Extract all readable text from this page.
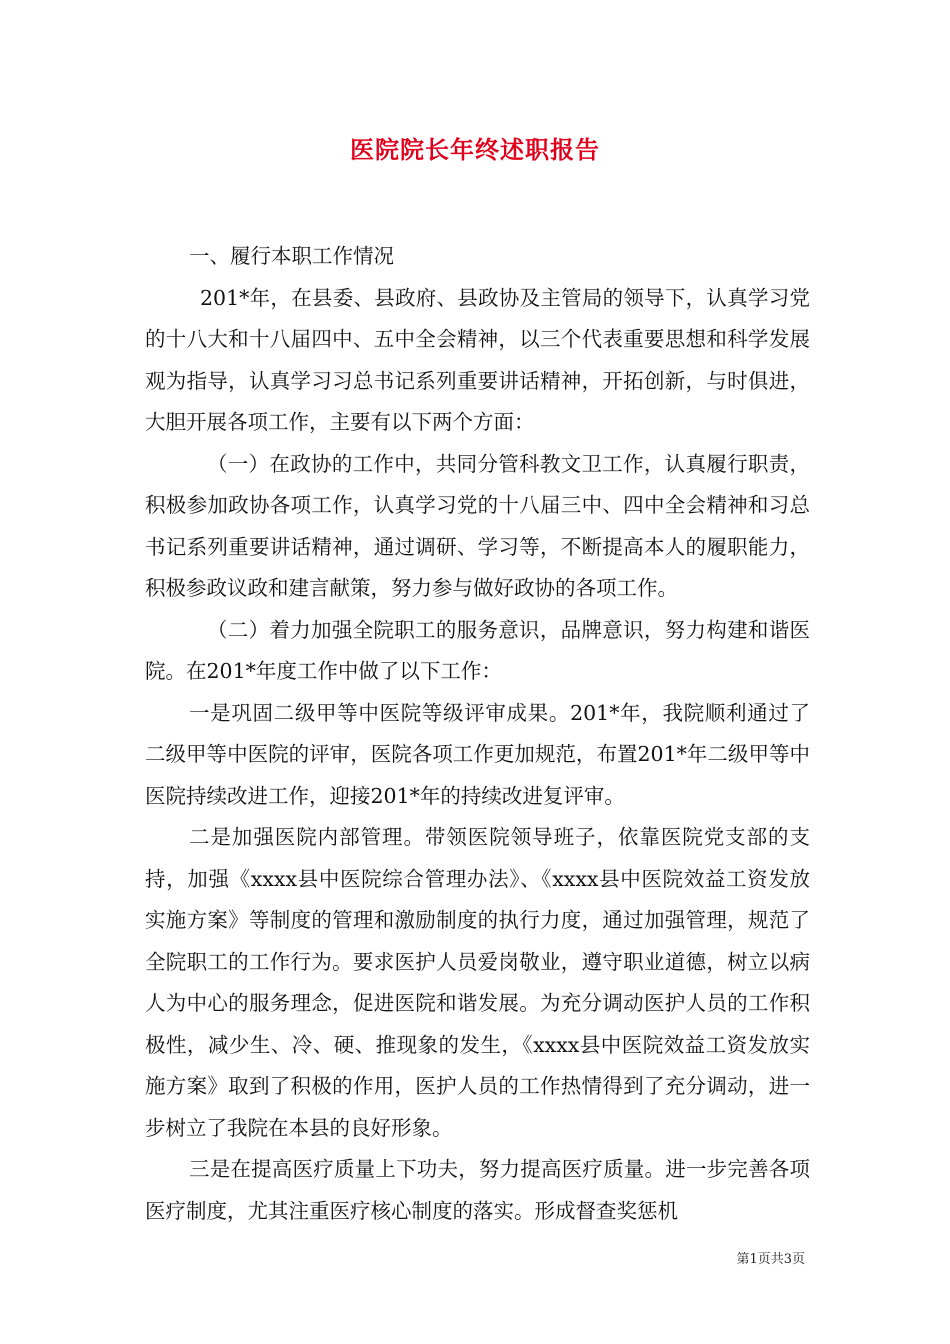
医院院长年终述职报告

一、履行本职工作情况

201*年，在县委、县政府、县政协及主管局的领导下，认真学习党的十八大和十八届四中、五中全会精神，以三个代表重要思想和科学发展观为指导，认真学习习总书记系列重要讲话精神，开拓创新，与时俱进，大胆开展各项工作，主要有以下两个方面：

（一）在政协的工作中，共同分管科教文卫工作，认真履行职责，积极参加政协各项工作，认真学习党的十八届三中、四中全会精神和习总书记系列重要讲话精神，通过调研、学习等，不断提高本人的履职能力，积极参政议政和建言献策，努力参与做好政协的各项工作。

（二）着力加强全院职工的服务意识，品牌意识，努力构建和谐医院。在201*年度工作中做了以下工作：

一是巩固二级甲等中医院等级评审成果。201*年，我院顺利通过了二级甲等中医院的评审，医院各项工作更加规范，布置201*年二级甲等中医院持续改进工作，迎接201*年的持续改进复评审。

二是加强医院内部管理。带领医院领导班子，依靠医院党支部的支持，加强《xxxx县中医院综合管理办法》、《xxxx县中医院效益工资发放实施方案》等制度的管理和激励制度的执行力度，通过加强管理，规范了全院职工的工作行为。要求医护人员爱岗敬业，遵守职业道德，树立以病人为中心的服务理念，促进医院和谐发展。为充分调动医护人员的工作积极性，减少生、冷、硬、推现象的发生，《xxxx县中医院效益工资发放实施方案》取到了积极的作用，医护人员的工作热情得到了充分调动，进一步树立了我院在本县的良好形象。

三是在提高医疗质量上下功夫，努力提高医疗质量。进一步完善各项医疗制度，尤其注重医疗核心制度的落实。形成督查奖惩机

第1页共3页
